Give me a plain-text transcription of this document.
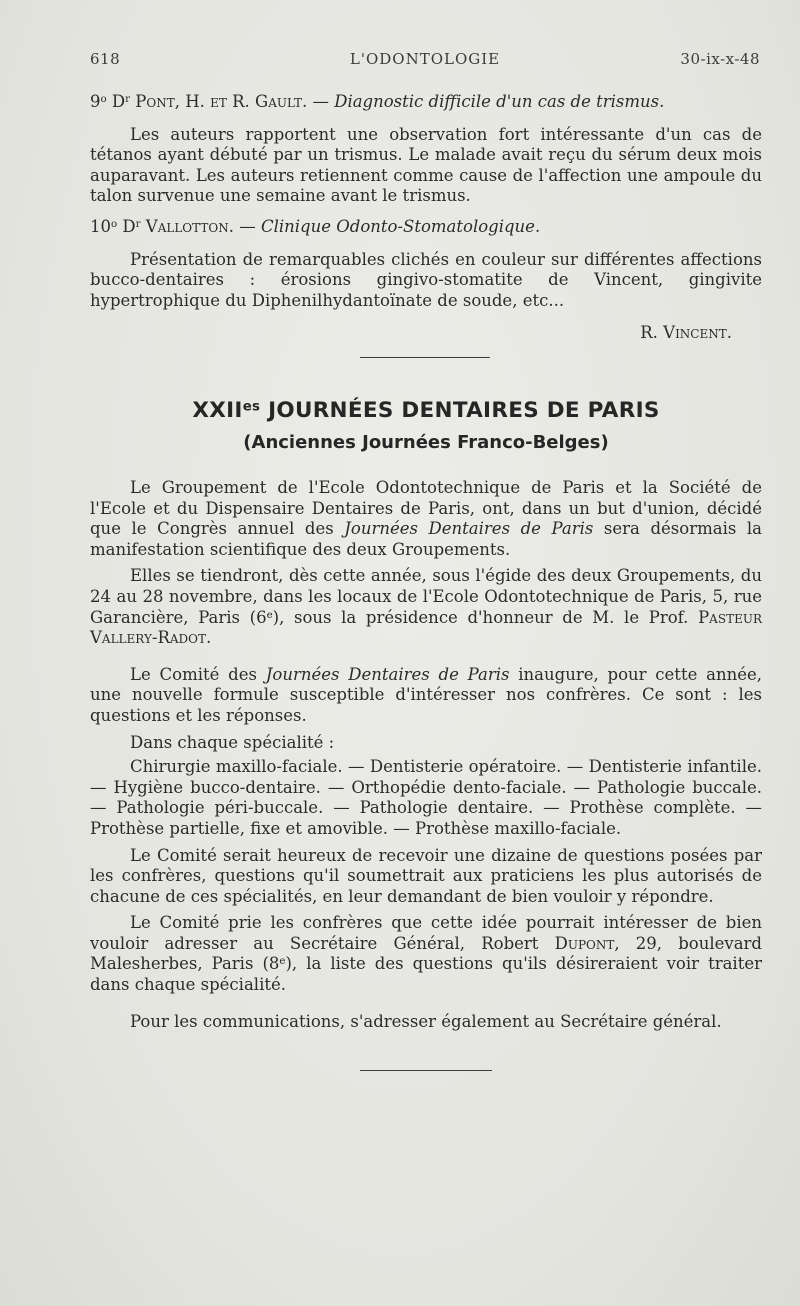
618	L'ODONTOLOGIE	30-ix-x-48

9$^o$ $D^r$ Pont, H. et R. Gault. — Diagnostic difficile d'un cas de trismus.

Les auteurs rapportent une observation fort intéressante d'un cas de tétanos ayant débuté par un trismus. Le malade avait reçu du sérum deux mois auparavant. Les auteurs retiennent comme cause de l'affection une ampoule du talon survenue une semaine avant le trismus.

10$^o$ $D^r$ Vallotton. — Clinique Odonto-Stomatologique.

Présentation de remarquables clichés en couleur sur différentes affections bucco-dentaires : érosions gingivo-stomatite de Vincent, gingivite hypertrophique du Diphenilhydantoïnate de soude, etc...

R. Vincent.

$XXII^{es}$ JOURNÉES DENTAIRES DE PARIS
(Anciennes Journées Franco-Belges)

Le Groupement de l'Ecole Odontotechnique de Paris et la Société de l'Ecole et du Dispensaire Dentaires de Paris, ont, dans un but d'union, décidé que le Congrès annuel des Journées Dentaires de Paris sera désormais la manifestation scientifique des deux Groupements.

Elles se tiendront, dès cette année, sous l'égide des deux Groupements, du 24 au 28 novembre, dans les locaux de l'Ecole Odontotechnique de Paris, 5, rue Garancière, Paris (6e), sous la présidence d'honneur de M. le Prof. Pasteur Vallery-Radot.

Le Comité des Journées Dentaires de Paris inaugure, pour cette année, une nouvelle formule susceptible d'intéresser nos confrères. Ce sont : les questions et les réponses.

Dans chaque spécialité :

Chirurgie maxillo-faciale. — Dentisterie opératoire. — Dentisterie infantile. — Hygiène bucco-dentaire. — Orthopédie dento-faciale. — Pathologie buccale. — Pathologie péri-buccale. — Pathologie dentaire. — Prothèse complète. — Prothèse partielle, fixe et amovible. — Prothèse maxillo-faciale.

Le Comité serait heureux de recevoir une dizaine de questions posées par les confrères, questions qu'il soumettrait aux praticiens les plus autorisés de chacune de ces spécialités, en leur demandant de bien vouloir y répondre.

Le Comité prie les confrères que cette idée pourrait intéresser de bien vouloir adresser au Secrétaire Général, Robert Dupont, 29, boulevard Malesherbes, Paris (8e), la liste des questions qu'ils désireraient voir traiter dans chaque spécialité.

Pour les communications, s'adresser également au Secrétaire général.
